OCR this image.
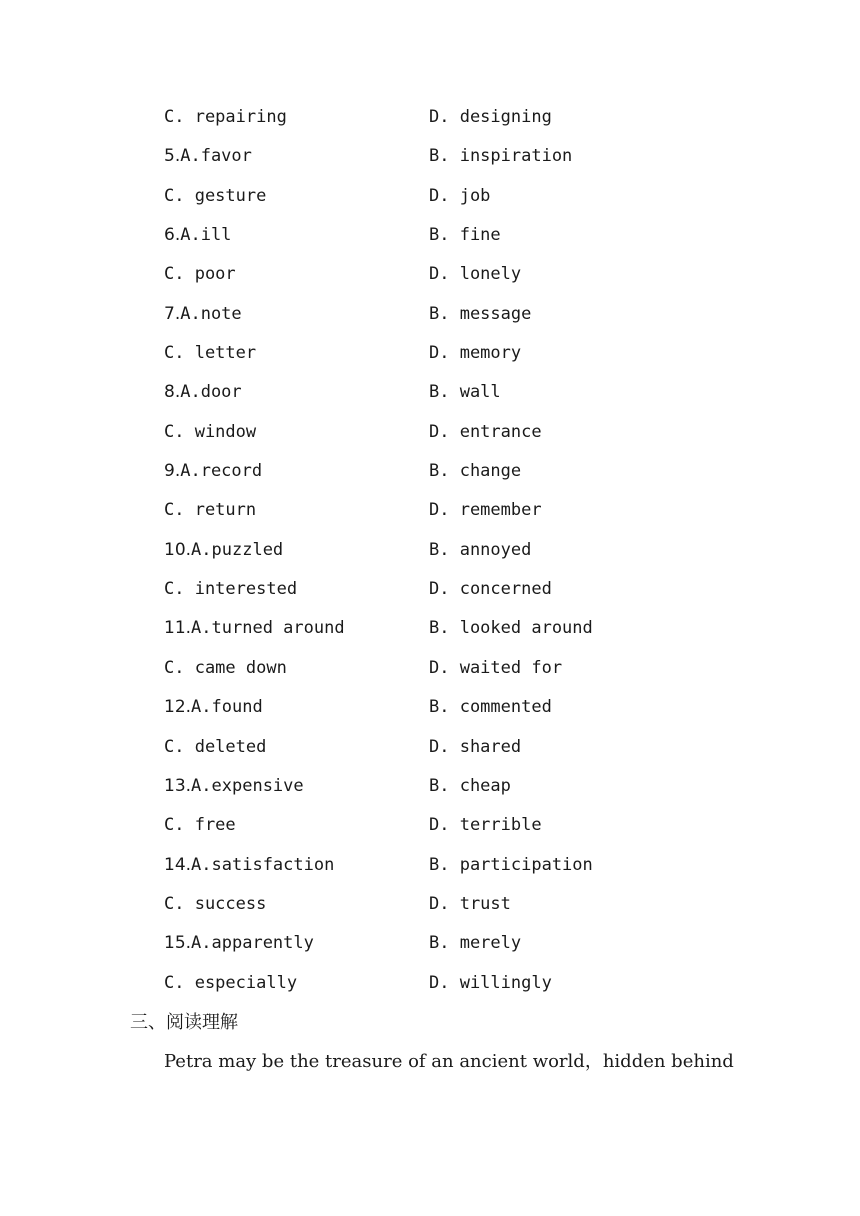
C. repairing	D. designing
5.A.favor	B. inspiration
C. gesture	D. job
6.A.ill	B. fine
C. poor	D. lonely
7.A.note	B. message
C. letter	D. memory
8.A.door	B. wall
C. window	D. entrance
9.A.record	B. change
C. return	D. remember
10.A.puzzled	B. annoyed
C. interested	D. concerned
11.A.turned around	B. looked around
C. came down	D. waited for
12.A.found	B. commented
C. deleted	D. shared
13.A.expensive	B. cheap
C. free	D. terrible
14.A.satisfaction	B. participation
C. success	D. trust
15.A.apparently	B. merely
C. especially	D. willingly
三、阅读理解
Petra may be the treasure of an ancient world，hidden behind
